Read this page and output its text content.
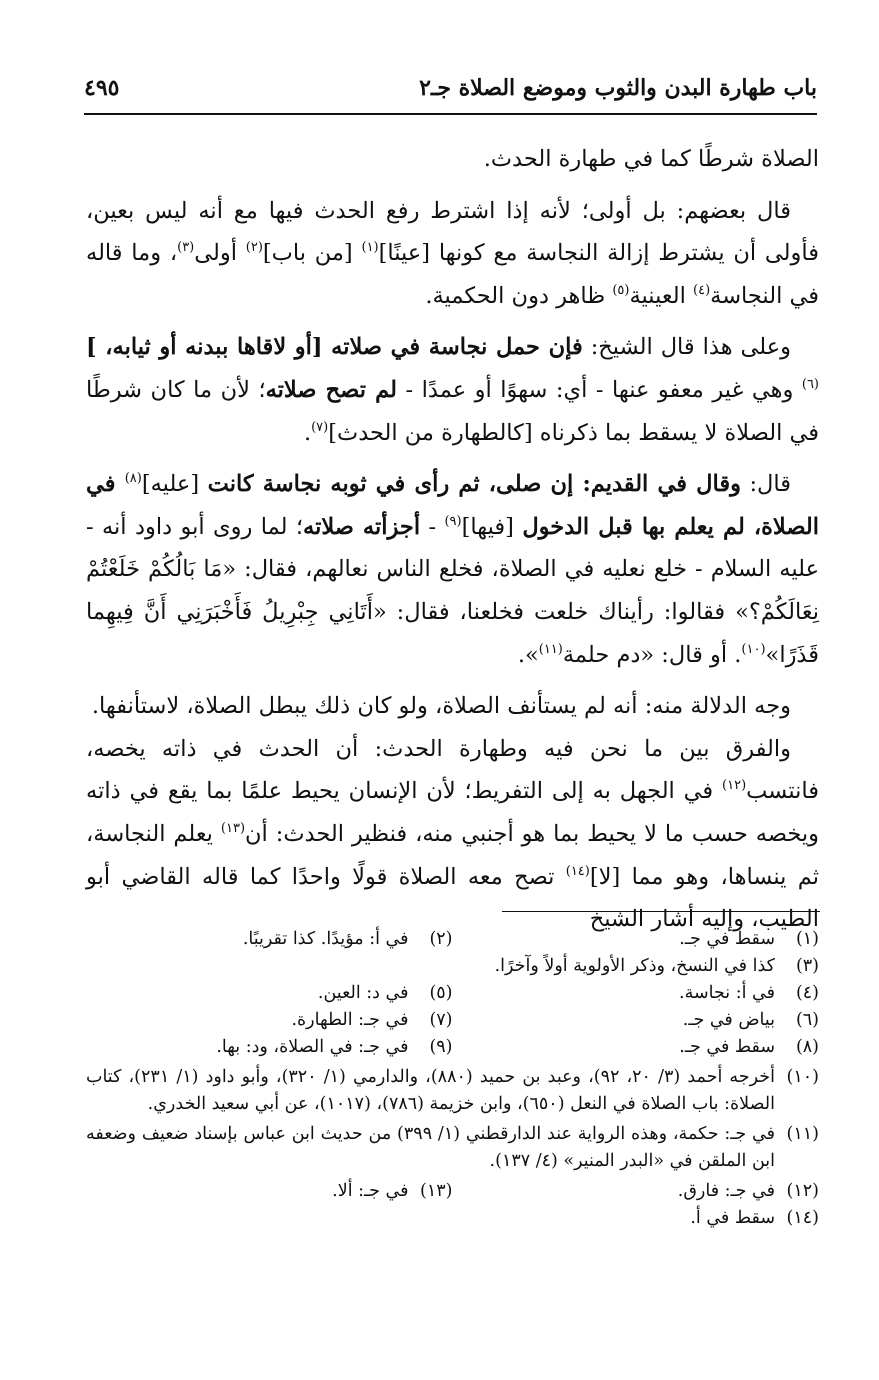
باب طهارة البدن والثوب وموضع الصلاة جـ٢
٤٩٥

الصلاة شرطًا كما في طهارة الحدث.

قال بعضهم: بل أولى؛ لأنه إذا اشترط رفع الحدث فيها مع أنه ليس بعين، فأولى أن يشترط إزالة النجاسة مع كونها [عينًا]$^{(١)}$ [من باب]$^{(٢)}$ أولى$^{(٣)}$، وما قاله في النجاسة$^{(٤)}$ العينية$^{(٥)}$ ظاهر دون الحكمية.

وعلى هذا قال الشيخ: فإن حمل نجاسة في صلاته [أو لاقاها ببدنه أو ثيابه، ]$^{(٦)}$ وهي غير معفو عنها - أي: سهوًا أو عمدًا - لم تصح صلاته؛ لأن ما كان شرطًا في الصلاة لا يسقط بما ذكرناه [كالطهارة من الحدث]$^{(٧)}$.

قال: وقال في القديم: إن صلى، ثم رأى في ثوبه نجاسة كانت [عليه]$^{(٨)}$ في الصلاة، لم يعلم بها قبل الدخول [فيها]$^{(٩)}$ - أجزأته صلاته؛ لما روى أبو داود أنه - عليه السلام - خلع نعليه في الصلاة، فخلع الناس نعالهم، فقال: «مَا بَالُكُمْ خَلَعْتُمْ نِعَالَكُمْ؟» فقالوا: رأيناك خلعت فخلعنا، فقال: «أَتَانِي جِبْرِيلُ فَأَخْبَرَنِي أَنَّ فِيهِما قَذَرًا»$^{(١٠)}$. أو قال: «دم حلمة$^{(١١)}$».

وجه الدلالة منه: أنه لم يستأنف الصلاة، ولو كان ذلك يبطل الصلاة، لاستأنفها.

والفرق بين ما نحن فيه وطهارة الحدث: أن الحدث في ذاته يخصه، فانتسب$^{(١٢)}$ في الجهل به إلى التفريط؛ لأن الإنسان يحيط علمًا بما يقع في ذاته ويخصه حسب ما لا يحيط بما هو أجنبي منه، فنظير الحدث: أن$^{(١٣)}$ يعلم النجاسة، ثم ينساها، وهو مما [لا]$^{(١٤)}$ تصح معه الصلاة قولًا واحدًا كما قاله القاضي أبو الطيب، وإليه أشار الشيخ

(١)
سقط في جـ.
(٢)
في أ: مؤيدًا. كذا تقريبًا.
(٣)
كذا في النسخ، وذكر الأولوية أولاً وآخرًا.
(٤)
في أ: نجاسة.
(٥)
في د: العين.
(٦)
بياض في جـ.
(٧)
في جـ: الطهارة.
(٨)
سقط في جـ.
(٩)
في جـ: في الصلاة، ود: بها.
(١٠)
أخرجه أحمد (٣/ ٢٠، ٩٢)، وعبد بن حميد (٨٨٠)، والدارمي (١/ ٣٢٠)، وأبو داود (١/ ٢٣١)، كتاب الصلاة: باب الصلاة في النعل (٦٥٠)، وابن خزيمة (٧٨٦)، (١٠١٧)، عن أبي سعيد الخدري.
(١١)
في جـ: حكمة، وهذه الرواية عند الدارقطني (١/ ٣٩٩) من حديث ابن عباس بإسناد ضعيف وضعفه ابن الملقن في «البدر المنير» (٤/ ١٣٧).
(١٢)
في جـ: فارق.
(١٣)
في جـ: ألا.
(١٤)
سقط في أ.
